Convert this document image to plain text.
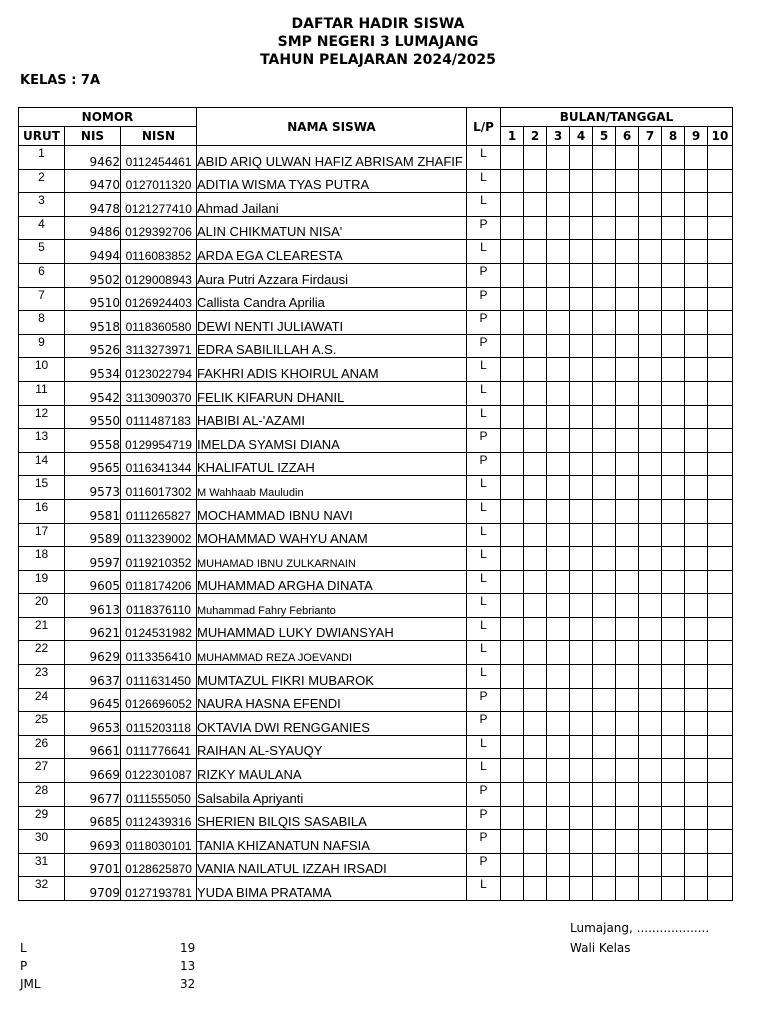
DAFTAR HADIR SISWA
SMP NEGERI 3 LUMAJANG
TAHUN PELAJARAN 2024/2025
KELAS : 7A
NOMOR			NAMA SISWA	L/P	BULAN/TANGGAL									
URUT	NIS	NISN			1	2	3	4	5	6	7	8	9	10
1	9462	0112454461	ABID ARIQ ULWAN HAFIZ ABRISAM ZHAFIF	L										
2	9470	0127011320	ADITIA WISMA TYAS PUTRA	L										
3	9478	0121277410	Ahmad Jailani	L										
4	9486	0129392706	ALIN CHIKMATUN NISA'	P										
5	9494	0116083852	ARDA EGA CLEARESTA	L										
6	9502	0129008943	Aura Putri Azzara Firdausi	P										
7	9510	0126924403	Callista Candra Aprilia	P										
8	9518	0118360580	DEWI NENTI JULIAWATI	P										
9	9526	3113273971	EDRA SABILILLAH A.S.	P										
10	9534	0123022794	FAKHRI ADIS KHOIRUL ANAM	L										
11	9542	3113090370	FELIK KIFARUN DHANIL	L										
12	9550	0111487183	HABIBI AL-'AZAMI	L										
13	9558	0129954719	IMELDA SYAMSI DIANA	P										
14	9565	0116341344	KHALIFATUL IZZAH	P										
15	9573	0116017302	M Wahhaab Mauludin	L										
16	9581	0111265827	MOCHAMMAD IBNU NAVI	L										
17	9589	0113239002	MOHAMMAD WAHYU ANAM	L										
18	9597	0119210352	MUHAMAD IBNU ZULKARNAIN	L										
19	9605	0118174206	MUHAMMAD ARGHA DINATA	L										
20	9613	0118376110	Muhammad Fahry Febrianto	L										
21	9621	0124531982	MUHAMMAD LUKY DWIANSYAH	L										
22	9629	0113356410	MUHAMMAD REZA JOEVANDI	L										
23	9637	0111631450	MUMTAZUL FIKRI MUBAROK	L										
24	9645	0126696052	NAURA HASNA EFENDI	P										
25	9653	0115203118	OKTAVIA DWI RENGGANIES	P										
26	9661	0111776641	RAIHAN AL-SYAUQY	L										
27	9669	0122301087	RIZKY MAULANA	L										
28	9677	0111555050	Salsabila Apriyanti	P										
29	9685	0112439316	SHERIEN BILQIS SASABILA	P										
30	9693	0118030101	TANIA KHIZANATUN NAFSIA	P										
31	9701	0128625870	VANIA NAILATUL IZZAH IRSADI	P										
32	9709	0127193781	YUDA BIMA PRATAMA	L										
Lumajang, ...................
Wali Kelas
L	19
P	13
JML	32
